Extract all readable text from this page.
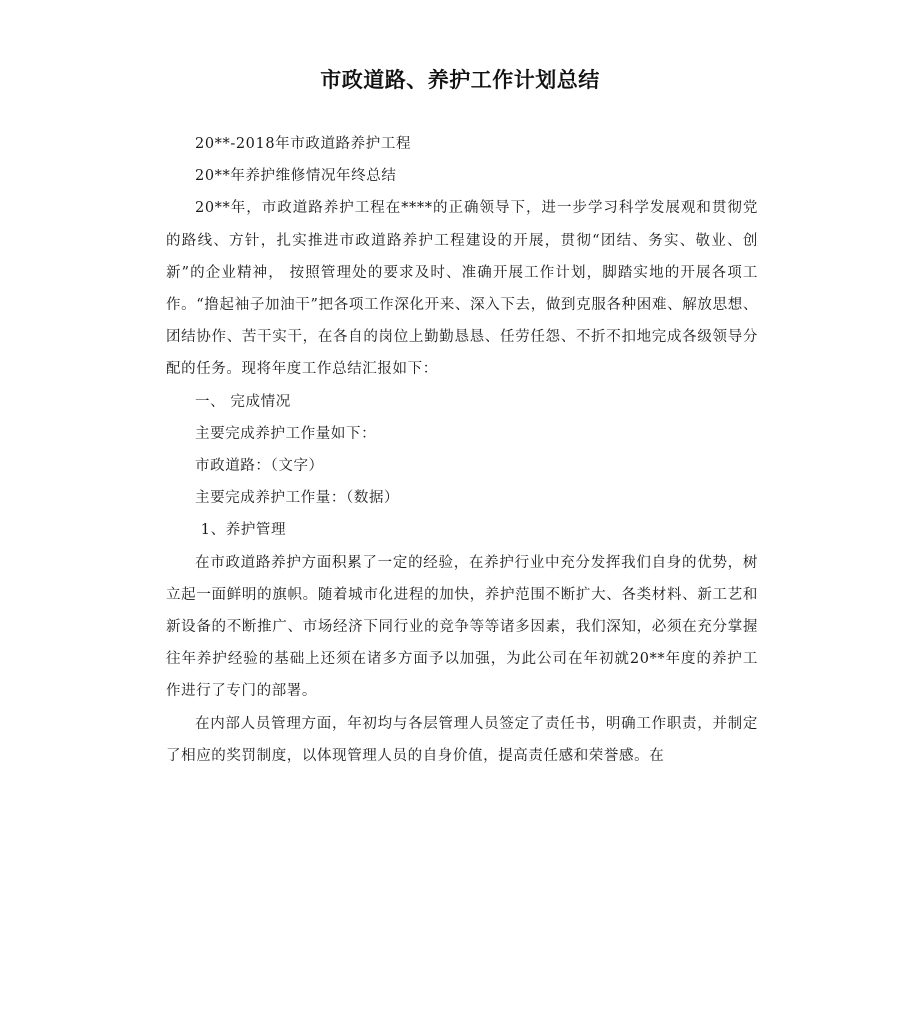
市政道路、养护工作计划总结

20**-2018年市政道路养护工程

20**年养护维修情况年终总结

20**年，市政道路养护工程在****的正确领导下，进一步学习科学发展观和贯彻党的路线、方针，扎实推进市政道路养护工程建设的开展，贯彻“团结、务实、敬业、创新”的企业精神， 按照管理处的要求及时、准确开展工作计划，脚踏实地的开展各项工作。“撸起袖子加油干”把各项工作深化开来、深入下去，做到克服各种困难、解放思想、团结协作、苦干实干，在各自的岗位上勤勤恳恳、任劳任怨、不折不扣地完成各级领导分配的任务。现将年度工作总结汇报如下：

一、 完成情况

主要完成养护工作量如下：

市政道路：（文字）

主要完成养护工作量：（数据）

1、养护管理

在市政道路养护方面积累了一定的经验，在养护行业中充分发挥我们自身的优势，树立起一面鲜明的旗帜。随着城市化进程的加快，养护范围不断扩大、各类材料、新工艺和新设备的不断推广、市场经济下同行业的竞争等等诸多因素，我们深知，必须在充分掌握往年养护经验的基础上还须在诸多方面予以加强，为此公司在年初就20**年度的养护工作进行了专门的部署。

在内部人员管理方面，年初均与各层管理人员签定了责任书，明确工作职责，并制定了相应的奖罚制度，以体现管理人员的自身价值，提高责任感和荣誉感。在
